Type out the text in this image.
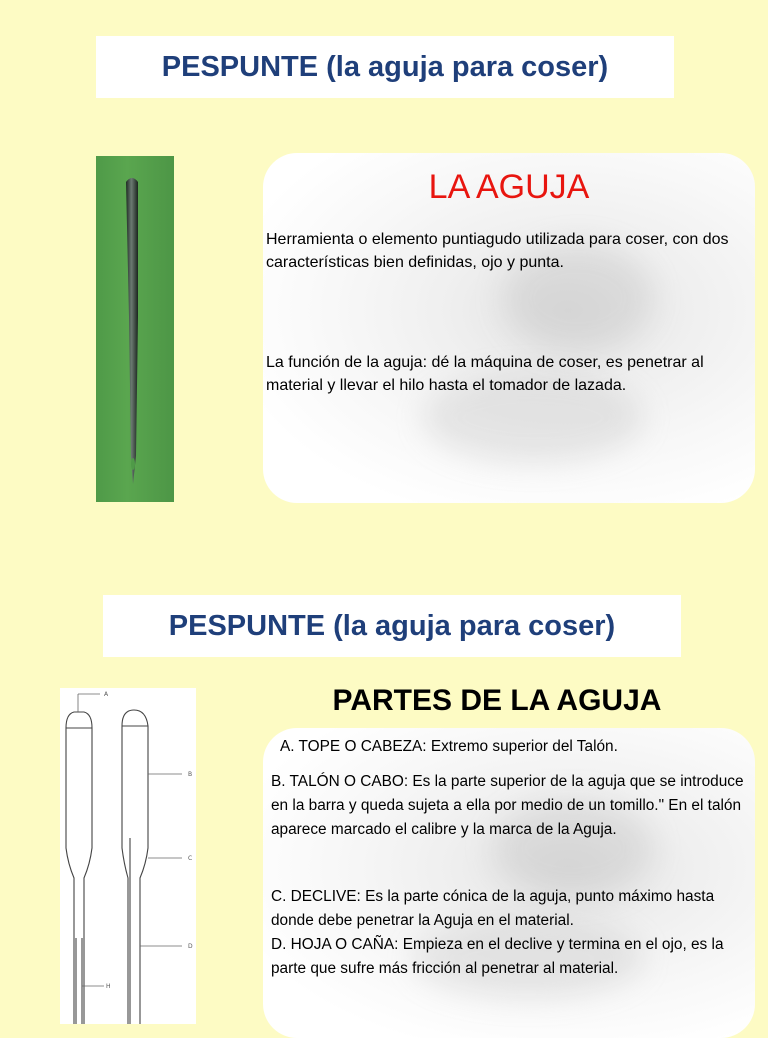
PESPUNTE (la aguja para coser)
LA AGUJA
Herramienta o elemento puntiagudo utilizada para coser, con dos características bien definidas, ojo y punta.
La función de la aguja: dé la máquina de coser, es penetrar al material y llevar el hilo hasta el tomador de lazada.
PESPUNTE (la aguja para coser)
A
B
C
D
H
PARTES DE LA AGUJA
A. TOPE O CABEZA: Extremo superior del Talón.
B. TALÓN O CABO: Es la parte superior de la aguja que se introduce en la barra y queda sujeta a ella por medio de un tomillo." En el talón aparece marcado el calibre y la marca de la Aguja.
C. DECLIVE: Es la parte cónica de la aguja, punto máximo hasta donde debe penetrar la Aguja en el material.
D. HOJA O CAÑA: Empieza en el declive y termina en el ojo, es la parte que sufre más fricción al penetrar al material.
